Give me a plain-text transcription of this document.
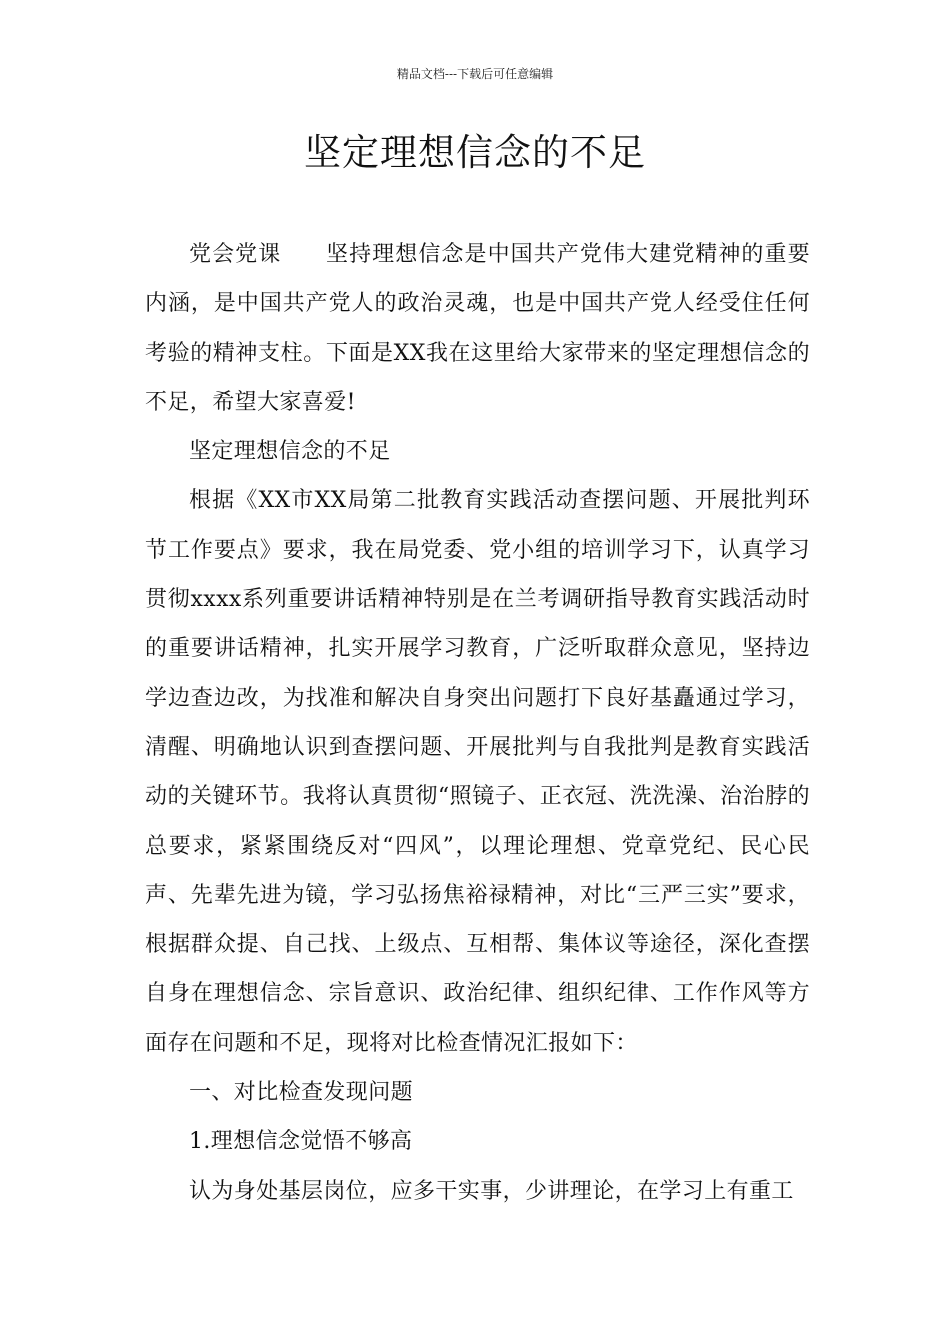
精品文档---下载后可任意编辑
坚定理想信念的不足

党会党课 坚持理想信念是中国共产党伟大建党精神的重要内涵，是中国共产党人的政治灵魂，也是中国共产党人经受住任何考验的精神支柱。下面是XX我在这里给大家带来的坚定理想信念的不足，希望大家喜爱!

坚定理想信念的不足

根据《XX市XX局第二批教育实践活动查摆问题、开展批判环节工作要点》要求，我在局党委、党小组的培训学习下，认真学习贯彻xxxx系列重要讲话精神特别是在兰考调研指导教育实践活动时的重要讲话精神，扎实开展学习教育，广泛听取群众意见，坚持边学边查边改，为找准和解决自身突出问题打下良好基矗通过学习，清醒、明确地认识到查摆问题、开展批判与自我批判是教育实践活动的关键环节。我将认真贯彻“照镜子、正衣冠、洗洗澡、治治脖的总要求，紧紧围绕反对“四风”，以理论理想、党章党纪、民心民声、先辈先进为镜，学习弘扬焦裕禄精神，对比“三严三实”要求，根据群众提、自己找、上级点、互相帮、集体议等途径，深化查摆自身在理想信念、宗旨意识、政治纪律、组织纪律、工作作风等方面存在问题和不足，现将对比检查情况汇报如下：

一、对比检查发现问题

1.理想信念觉悟不够高

认为身处基层岗位，应多干实事，少讲理论，在学习上有重工
